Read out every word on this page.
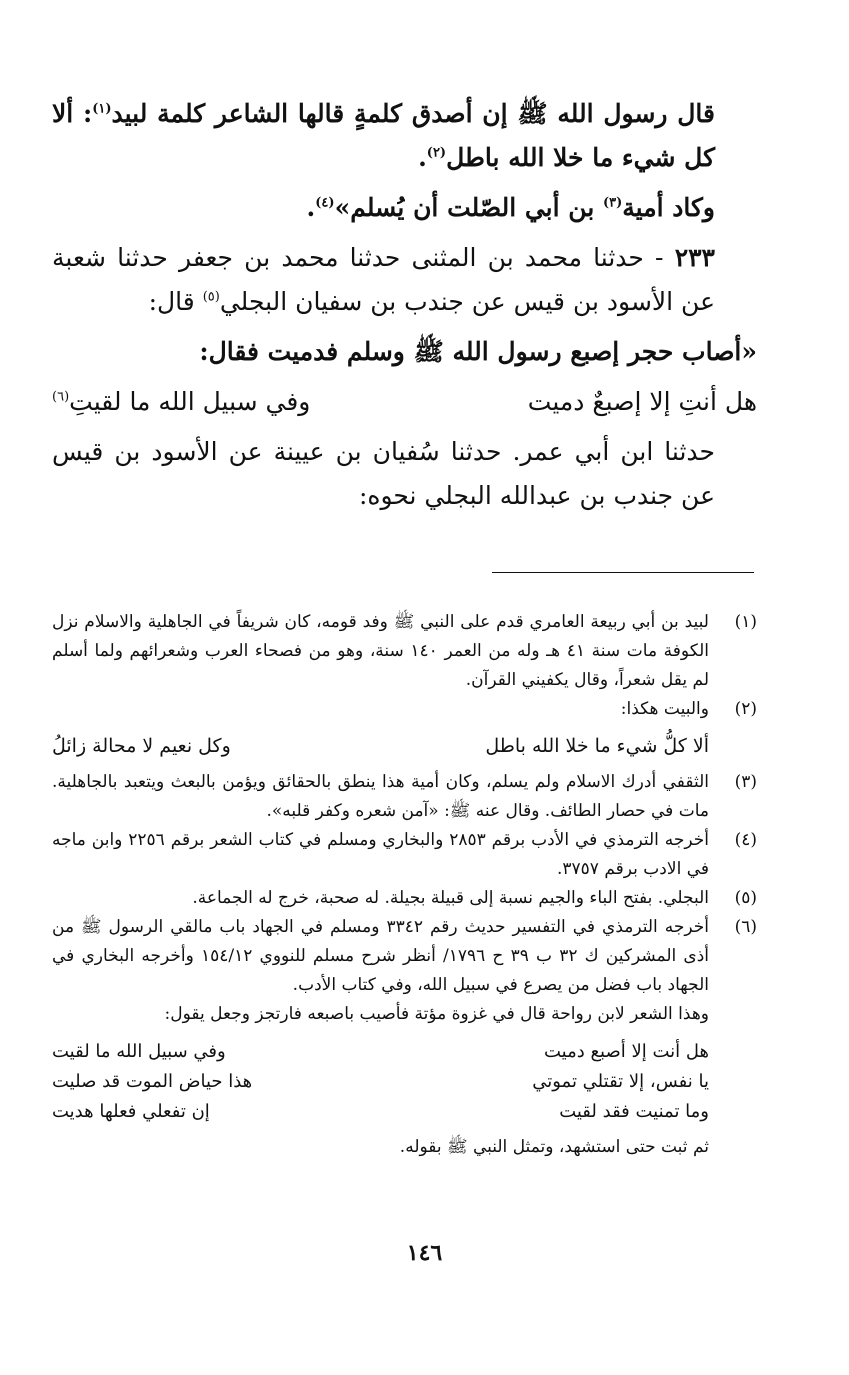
قال رسول الله ﷺ إن أصدق كلمةٍ قالها الشاعر كلمة لبيد$^{(١)}$: ألا كل شيء ما خلا الله باطل$^{(٢)}$.

وكاد أمية$^{(٣)}$ بن أبي الصّلت أن يُسلم»$^{(٤)}$.

٢٣٣ - حدثنا محمد بن المثنى حدثنا محمد بن جعفر حدثنا شعبة عن الأسود بن قيس عن جندب بن سفيان البجلي$^{(٥)}$ قال:

«أصاب حجر إصبع رسول الله ﷺ وسلم فدميت فقال:

هل أنتِ إلا إصبعٌ دميت
وفي سبيل الله ما لقيتِ$^{(٦)}$

حدثنا ابن أبي عمر. حدثنا سُفيان بن عيينة عن الأسود بن قيس عن جندب بن عبدالله البجلي نحوه:

(١)
لبيد بن أبي ربيعة العامري قدم على النبي ﷺ وفد قومه، كان شريفاً في الجاهلية والاسلام نزل الكوفة مات سنة ٤١ هـ وله من العمر ١٤٠ سنة، وهو من فصحاء العرب وشعرائهم ولما أسلم لم يقل شعراً، وقال يكفيني القرآن.
(٢)
والبيت هكذا:
ألا كلُّ شيء ما خلا الله باطل
وكل نعيم لا محالة زائلُ
(٣)
الثقفي أدرك الاسلام ولم يسلم، وكان أمية هذا ينطق بالحقائق ويؤمن بالبعث ويتعبد بالجاهلية. مات في حصار الطائف. وقال عنه ﷺ: «آمن شعره وكفر قلبه».
(٤)
أخرجه الترمذي في الأدب برقم ٢٨٥٣ والبخاري ومسلم في كتاب الشعر برقم ٢٢٥٦ وابن ماجه في الادب برقم ٣٧٥٧.
(٥)
البجلي. بفتح الباء والجيم نسبة إلى قبيلة بجيلة. له صحبة، خرج له الجماعة.
(٦)
أخرجه الترمذي في التفسير حديث رقم ٣٣٤٢ ومسلم في الجهاد باب مالقي الرسول ﷺ من أذى المشركين ك ٣٢ ب ٣٩ ح ١٧٩٦/ أنظر شرح مسلم للنووي ١٥٤/١٢ وأخرجه البخاري في الجهاد باب فضل من يصرع في سبيل الله، وفي كتاب الأدب.
وهذا الشعر لابن رواحة قال في غزوة مؤتة فأصيب باصبعه فارتجز وجعل يقول:
هل أنت إلا أصبع دميت
وفي سبيل الله ما لقيت
يا نفس، إلا تقتلي تموتي
هذا حياض الموت قد صليت
وما تمنيت فقد لقيت
إن تفعلي فعلها هديت
ثم ثبت حتى استشهد، وتمثل النبي ﷺ بقوله.
١٤٦
